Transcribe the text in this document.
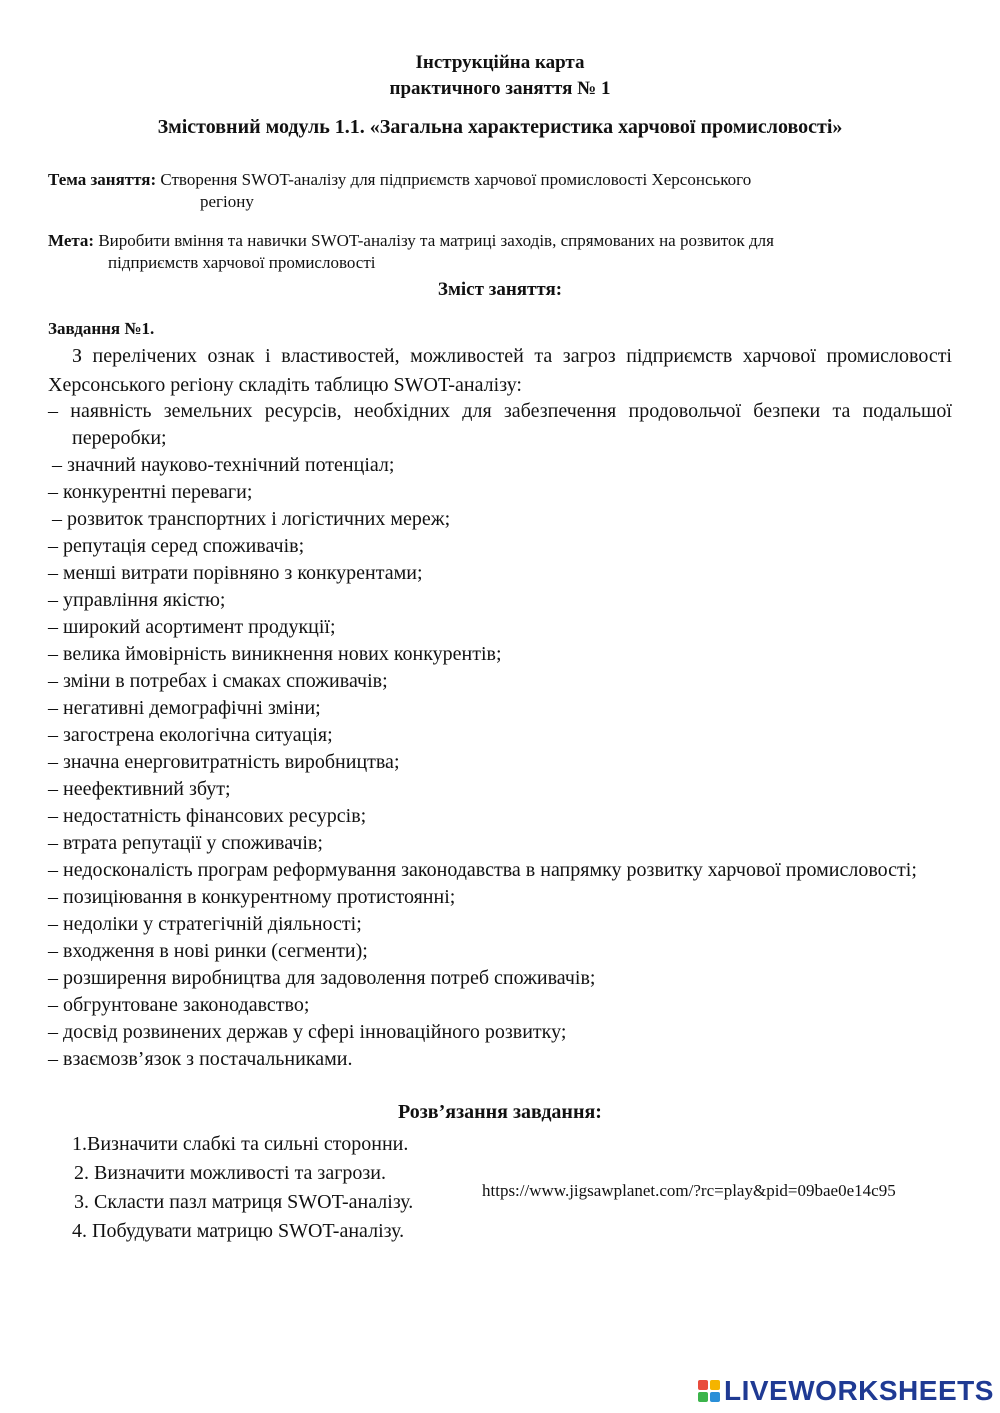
Інструкційна карта
практичного заняття № 1
Змістовний модуль 1.1. «Загальна характеристика харчової промисловості»
Тема заняття: Створення SWOT-аналізу для підприємств харчової промисловості Херсонського
регіону
Мета: Виробити вміння та навички SWOT-аналізу та матриці заходів, спрямованих на розвиток для
підприємств харчової промисловості
Зміст заняття:
Завдання №1.
З перелічених ознак і властивостей, можливостей та загроз підприємств харчової промисловості Херсонського регіону складіть таблицю SWOT-аналізу:
– наявність земельних ресурсів, необхідних для забезпечення продовольчої безпеки та подальшої переробки;
– значний науково-технічний потенціал;
– конкурентні переваги;
– розвиток транспортних і логістичних мереж;
– репутація серед споживачів;
– менші витрати порівняно з конкурентами;
– управління якістю;
– широкий асортимент продукції;
– велика ймовірність виникнення нових конкурентів;
– зміни в потребах і смаках споживачів;
– негативні демографічні зміни;
– загострена екологічна ситуація;
– значна енерговитратність виробництва;
– неефективний збут;
– недостатність фінансових ресурсів;
– втрата репутації у споживачів;
– недосконаліcть програм реформування законодавства в напрямку розвитку харчової промисловості;
– позиціювання в конкурентному протистоянні;
– недоліки у стратегічній діяльності;
– входження в нові ринки (сегменти);
– розширення виробництва для задоволення потреб споживачів;
– обгрунтоване законодавство;
– досвід розвинених держав у сфері інноваційного розвитку;
– взаємозв’язок з постачальниками.
Розв’язання завдання:
1.Визначити слабкі та сильні сторонни.
2. Визначити можливості та загрози.
3. Скласти пазл матриця SWOT-аналізу.
4. Побудувати матрицю SWOT-аналізу.
https://www.jigsawplanet.com/?rc=play&pid=09bae0e14c95
LIVEWORKSHEETS
